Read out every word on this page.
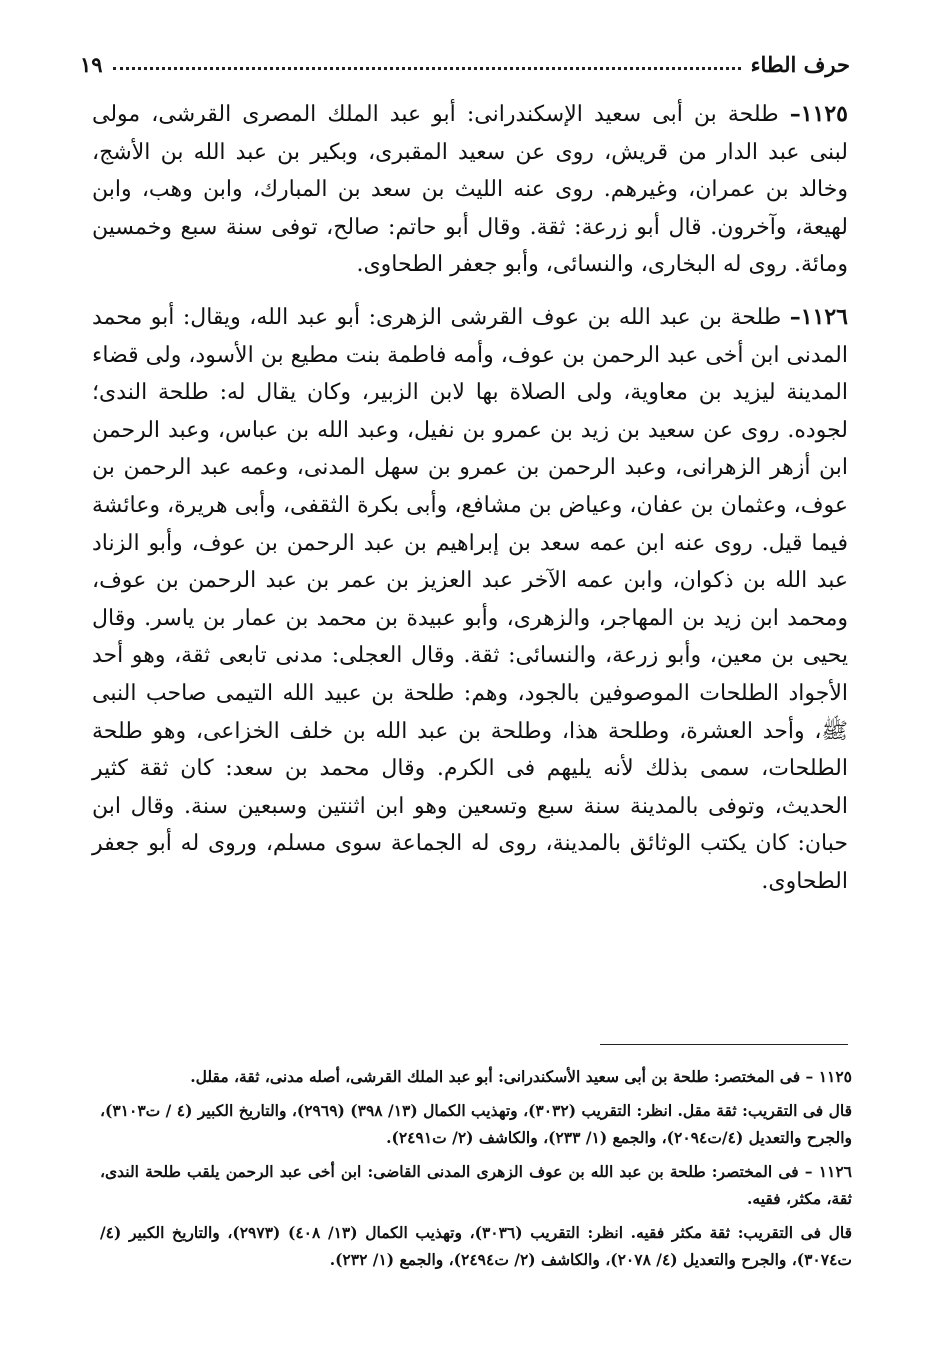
حرف الطاء
١٩

١١٢٥– طلحة بن أبى سعيد الإسكندرانى: أبو عبد الملك المصرى القرشى، مولى لبنى عبد الدار من قريش، روى عن سعيد المقبرى، وبكير بن عبد الله بن الأشج، وخالد بن عمران، وغيرهم. روى عنه الليث بن سعد بن المبارك، وابن وهب، وابن لهيعة، وآخرون. قال أبو زرعة: ثقة. وقال أبو حاتم: صالح، توفى سنة سبع وخمسين ومائة. روى له البخارى، والنسائى، وأبو جعفر الطحاوى.

١١٢٦– طلحة بن عبد الله بن عوف القرشى الزهرى: أبو عبد الله، ويقال: أبو محمد المدنى ابن أخى عبد الرحمن بن عوف، وأمه فاطمة بنت مطيع بن الأسود، ولى قضاء المدينة ليزيد بن معاوية، ولى الصلاة بها لابن الزبير، وكان يقال له: طلحة الندى؛ لجوده. روى عن سعيد بن زيد بن عمرو بن نفيل، وعبد الله بن عباس، وعبد الرحمن ابن أزهر الزهرانى، وعبد الرحمن بن عمرو بن سهل المدنى، وعمه عبد الرحمن بن عوف، وعثمان بن عفان، وعياض بن مشافع، وأبى بكرة الثقفى، وأبى هريرة، وعائشة فيما قيل. روى عنه ابن عمه سعد بن إبراهيم بن عبد الرحمن بن عوف، وأبو الزناد عبد الله بن ذكوان، وابن عمه الآخر عبد العزيز بن عمر بن عبد الرحمن بن عوف، ومحمد ابن زيد بن المهاجر، والزهرى، وأبو عبيدة بن محمد بن عمار بن ياسر. وقال يحيى بن معين، وأبو زرعة، والنسائى: ثقة. وقال العجلى: مدنى تابعى ثقة، وهو أحد الأجواد الطلحات الموصوفين بالجود، وهم: طلحة بن عبيد الله التيمى صاحب النبى ﷺ، وأحد العشرة، وطلحة هذا، وطلحة بن عبد الله بن خلف الخزاعى، وهو طلحة الطلحات، سمى بذلك لأنه يليهم فى الكرم. وقال محمد بن سعد: كان ثقة كثير الحديث، وتوفى بالمدينة سنة سبع وتسعين وهو ابن اثنتين وسبعين سنة. وقال ابن حبان: كان يكتب الوثائق بالمدينة، روى له الجماعة سوى مسلم، وروى له أبو جعفر الطحاوى.

١١٢٥ – فى المختصر: طلحة بن أبى سعيد الأسكندرانى: أبو عبد الملك القرشى، أصله مدنى، ثقة، مقلل.

قال فى التقريب: ثقة مقل. انظر: التقريب (٣٠٣٢)، وتهذيب الكمال (١٣/ ٣٩٨) (٢٩٦٩)، والتاريخ الكبير (٤ / ت٣١٠٣)، والجرح والتعديل (٤/ت٢٠٩٤)، والجمع (١/ ٢٣٣)، والكاشف (٢/ ت٢٤٩١).

١١٢٦ – فى المختصر: طلحة بن عبد الله بن عوف الزهرى المدنى القاضى: ابن أخى عبد الرحمن يلقب طلحة الندى، ثقة، مكثر، فقيه.

قال فى التقريب: ثقة مكثر فقيه. انظر: التقريب (٣٠٣٦)، وتهذيب الكمال (١٣/ ٤٠٨) (٢٩٧٣)، والتاريخ الكبير (٤/ ت٣٠٧٤)، والجرح والتعديل (٤/ ٢٠٧٨)، والكاشف (٢/ ت٢٤٩٤)، والجمع (١/ ٢٣٢).
